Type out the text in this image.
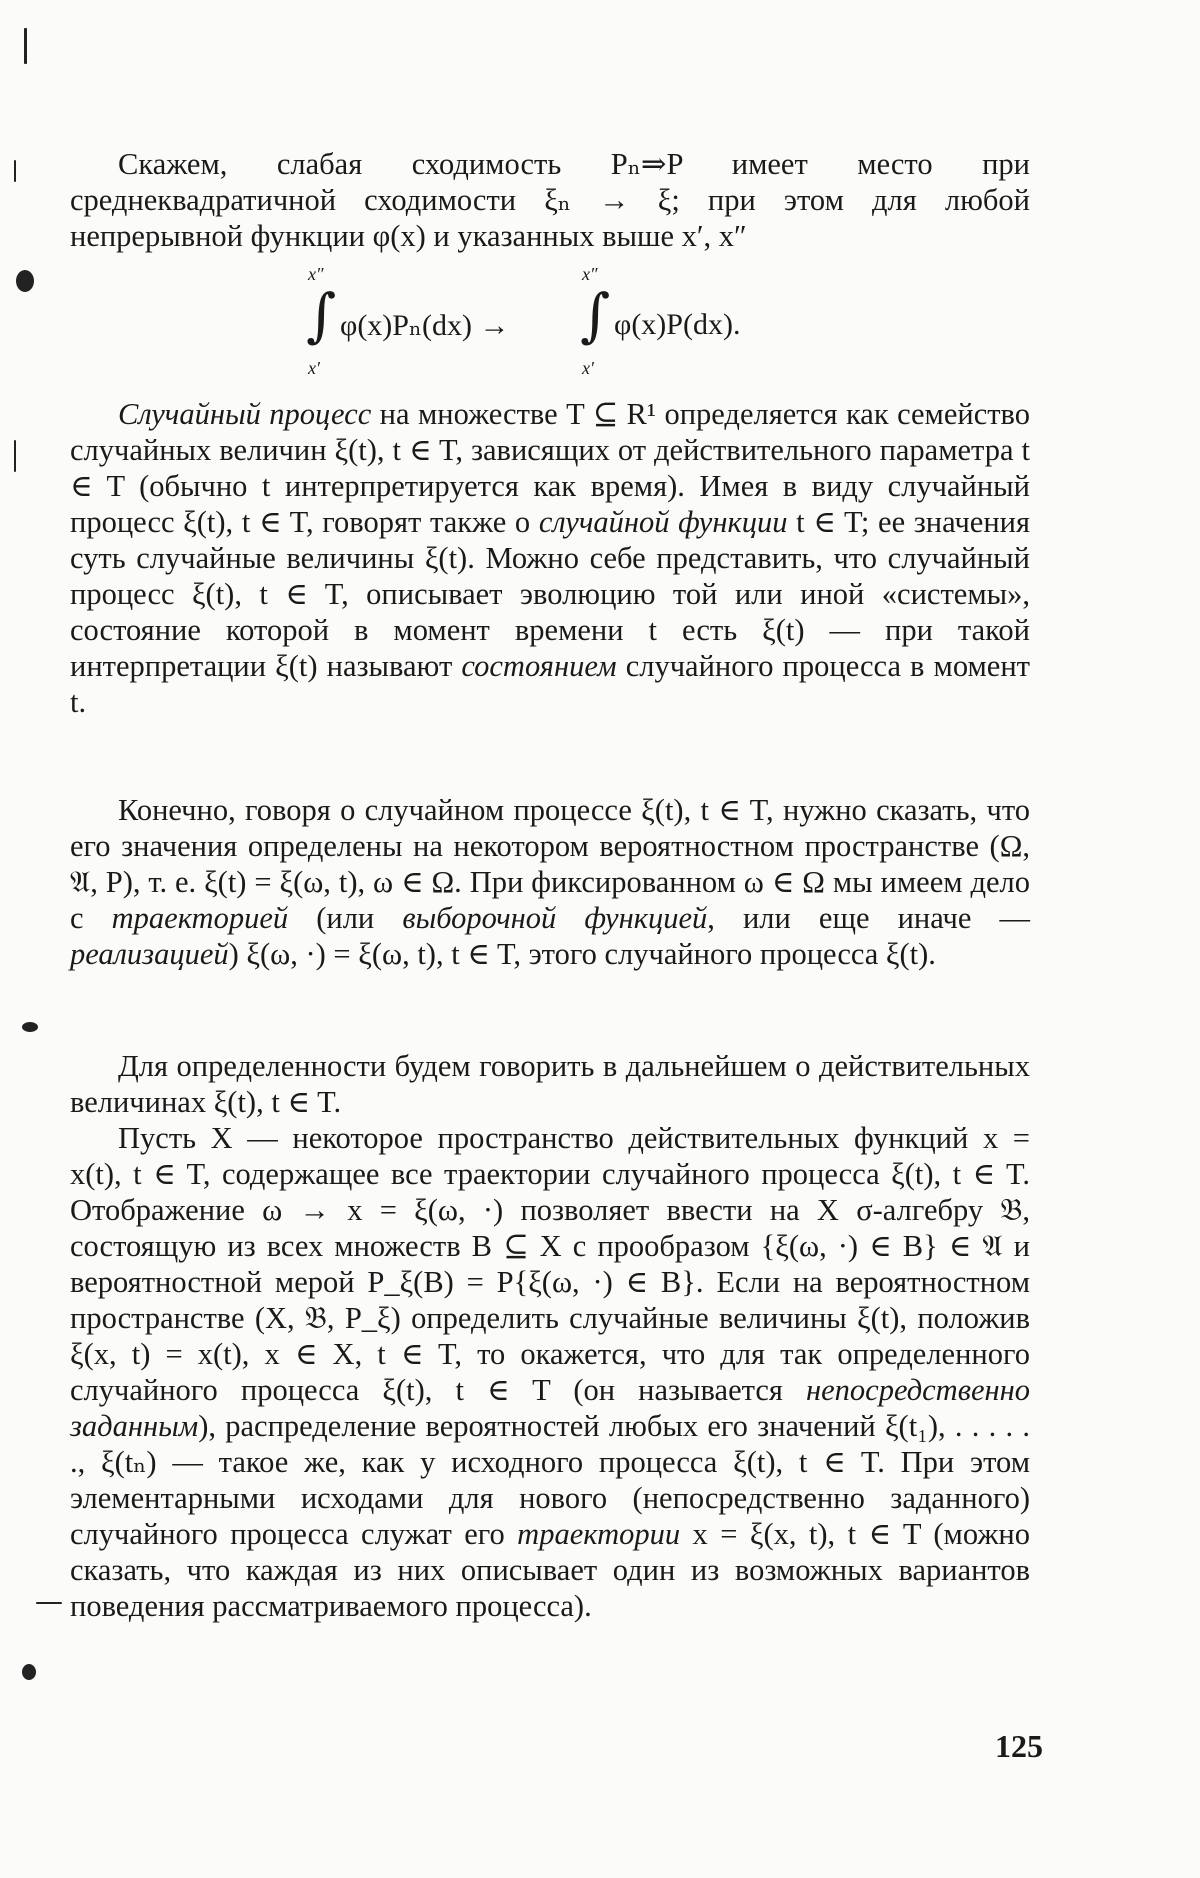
Скажем, слабая сходимость Pₙ⇒P имеет место при среднеквадратичной сходимости ξₙ → ξ; при этом для любой непрерывной функции φ(x) и указанных выше x′, x″
x″
∫
x′
φ(x)Pₙ(dx) →
x″
∫
x′
φ(x)P(dx).
Случайный процесс на множестве T ⊆ R¹ определяется как семейство случайных величин ξ(t), t ∈ T, зависящих от действительного параметра t ∈ T (обычно t интерпретируется как время). Имея в виду случайный процесс ξ(t), t ∈ T, говорят также о случайной функции t ∈ T; ее значения суть случайные величины ξ(t). Можно себе представить, что случайный процесс ξ(t), t ∈ T, описывает эволюцию той или иной «системы», состояние которой в момент времени t есть ξ(t) — при такой интерпретации ξ(t) называют состоянием случайного процесса в момент t.
Конечно, говоря о случайном процессе ξ(t), t ∈ T, нужно сказать, что его значения определены на некотором вероятностном пространстве (Ω, 𝔄, P), т. е. ξ(t) = ξ(ω, t), ω ∈ Ω. При фиксированном ω ∈ Ω мы имеем дело с траекторией (или выборочной функцией, или еще иначе — реализацией) ξ(ω, ·) = ξ(ω, t), t ∈ T, этого случайного процесса ξ(t).
Для определенности будем говорить в дальнейшем о действительных величинах ξ(t), t ∈ T.
Пусть X — некоторое пространство действительных функций x = x(t), t ∈ T, содержащее все траектории случайного процесса ξ(t), t ∈ T. Отображение ω → x = ξ(ω, ·) позволяет ввести на X σ-алгебру 𝔅, состоящую из всех множеств B ⊆ X с прообразом {ξ(ω, ·) ∈ B} ∈ 𝔄 и вероятностной мерой P_ξ(B) = P{ξ(ω, ·) ∈ B}. Если на вероятностном пространстве (X, 𝔅, P_ξ) определить случайные величины ξ(t), положив ξ(x, t) = x(t), x ∈ X, t ∈ T, то окажется, что для так определенного случайного процесса ξ(t), t ∈ T (он называется непосредственно заданным), распределение вероятностей любых его значений ξ(t₁), . . . . . ., ξ(tₙ) — такое же, как у исходного процесса ξ(t), t ∈ T. При этом элементарными исходами для нового (непосредственно заданного) случайного процесса служат его траектории x = ξ(x, t), t ∈ T (можно сказать, что каждая из них описывает один из возможных вариантов поведения рассматриваемого процесса).
125
